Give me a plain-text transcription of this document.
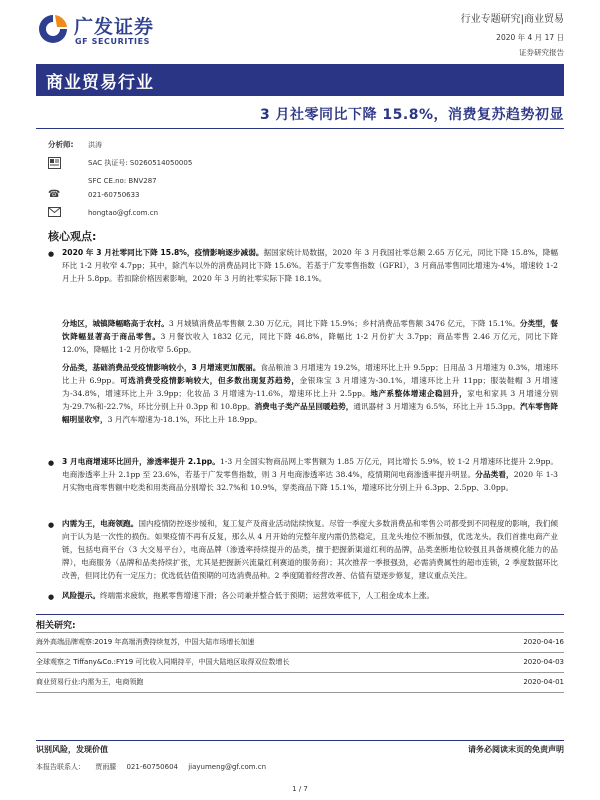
广发证券
GF SECURITIES
行业专题研究|商业贸易
2020 年 4 月 17 日
证券研究报告
商业贸易行业
3 月社零同比下降 15.8%，消费复苏趋势初显
分析师: 洪涛
SAC 执证号: S0260514050005
SFC CE.no: BNV287
☎	021-60750633
hongtao@gf.com.cn
核心观点:
● 2020 年 3 月社零同比下降 15.8%，疫情影响逐步减弱。据国家统计局数据，2020 年 3 月我国社零总额 2.65 万亿元，同比下降 15.8%，降幅环比 1-2 月收窄 4.7pp；其中，除汽车以外的消费品同比下降 15.6%。若基于广发零售指数（GFRI），3 月商品零售同比增速为-4%，增速较 1-2 月上升 5.8pp。若扣除价格因素影响，2020 年 3 月的社零实际下降 18.1%。
分地区，城镇降幅略高于农村。3 月城镇消费品零售额 2.30 万亿元，同比下降 15.9%；乡村消费品零售额 3476 亿元，下降 15.1%。分类型，餐饮降幅显著高于商品零售。3 月餐饮收入 1832 亿元，同比下降 46.8%，降幅比 1-2 月份扩大 3.7pp；商品零售 2.46 万亿元，同比下降 12.0%，降幅比 1-2 月份收窄 5.6pp。
分品类，基础消费品受疫情影响较小，3 月增速更加靓丽。食品粮油 3 月增速为 19.2%，增速环比上升 9.5pp；日用品 3 月增速为 0.3%，增速环比上升 6.9pp。可选消费受疫情影响较大，但多数出现复苏趋势，金银珠宝 3 月增速为-30.1%，增速环比上升 11pp；服装鞋帽 3 月增速为-34.8%，增速环比上升 3.9pp；化妆品 3 月增速为-11.6%，增速环比上升 2.5pp。地产系整体增速企稳回升，家电和家具 3 月增速分别为-29.7%和-22.7%，环比分别上升 0.3pp 和 10.8pp。消费电子类产品呈回暖趋势，通讯器材 3 月增速为 6.5%，环比上升 15.3pp。汽车零售降幅明显收窄，3 月汽车增速为-18.1%，环比上升 18.9pp。
● 3 月电商增速环比回升，渗透率提升 2.1pp。1-3 月全国实物商品网上零售额为 1.85 万亿元，同比增长 5.9%，较 1-2 月增速环比提升 2.9pp。电商渗透率上升 2.1pp 至 23.6%，若基于广发零售指数，则 3 月电商渗透率达 38.4%，疫情期间电商渗透率提升明显。分品类看，2020 年 1-3 月实物电商零售额中吃类和用类商品分别增长 32.7%和 10.9%，穿类商品下降 15.1%，增速环比分别上升 6.3pp、2.5pp、3.0pp。
● 内需为王，电商领跑。国内疫情防控逐步缓和，复工复产及商业活动陆续恢复。尽管一季度大多数消费品和零售公司都受到不同程度的影响，我们倾向于认为是一次性的损伤。如果疫情不再有反复，那么从 4 月开始的完整年度内需仍然稳定，且龙头地位不断加强，优选龙头。我们首推电商产业链，包括电商平台（3 大交易平台），电商品牌（渗透率持续提升的品类，擅于把握新渠道红利的品牌，品类垄断地位较强且具备规模化能力的品牌），电商服务（品牌和品类持续扩张，尤其是把握新兴流量红利赛道的服务商）；其次推荐一季报强劲，必需消费属性的超市连锁，2 季度数据环比改善，但同比仍有一定压力；优选低估值预期的可选消费品种。2 季度随着经营改善、估值有望逐步修复，建议重点关注。
● 风险提示。终端需求疲软，拖累零售增速下滑；各公司兼并整合低于预期；运营效率低下，人工租金成本上涨。
相关研究:
海外高端品牌观察:2019 年高端消费持续复苏，中国大陆市场增长加速	2020-04-16
全球观察之 Tiffany&Co.:FY19 可比收入同期持平，中国大陆地区取得双位数增长	2020-04-03
商业贸易行业:内需为王，电商领跑	2020-04-01
识别风险，发现价值	请务必阅读末页的免责声明
本报告联系人： 贾雨朦 021-60750604 jiayumeng@gf.com.cn
1 / 7
